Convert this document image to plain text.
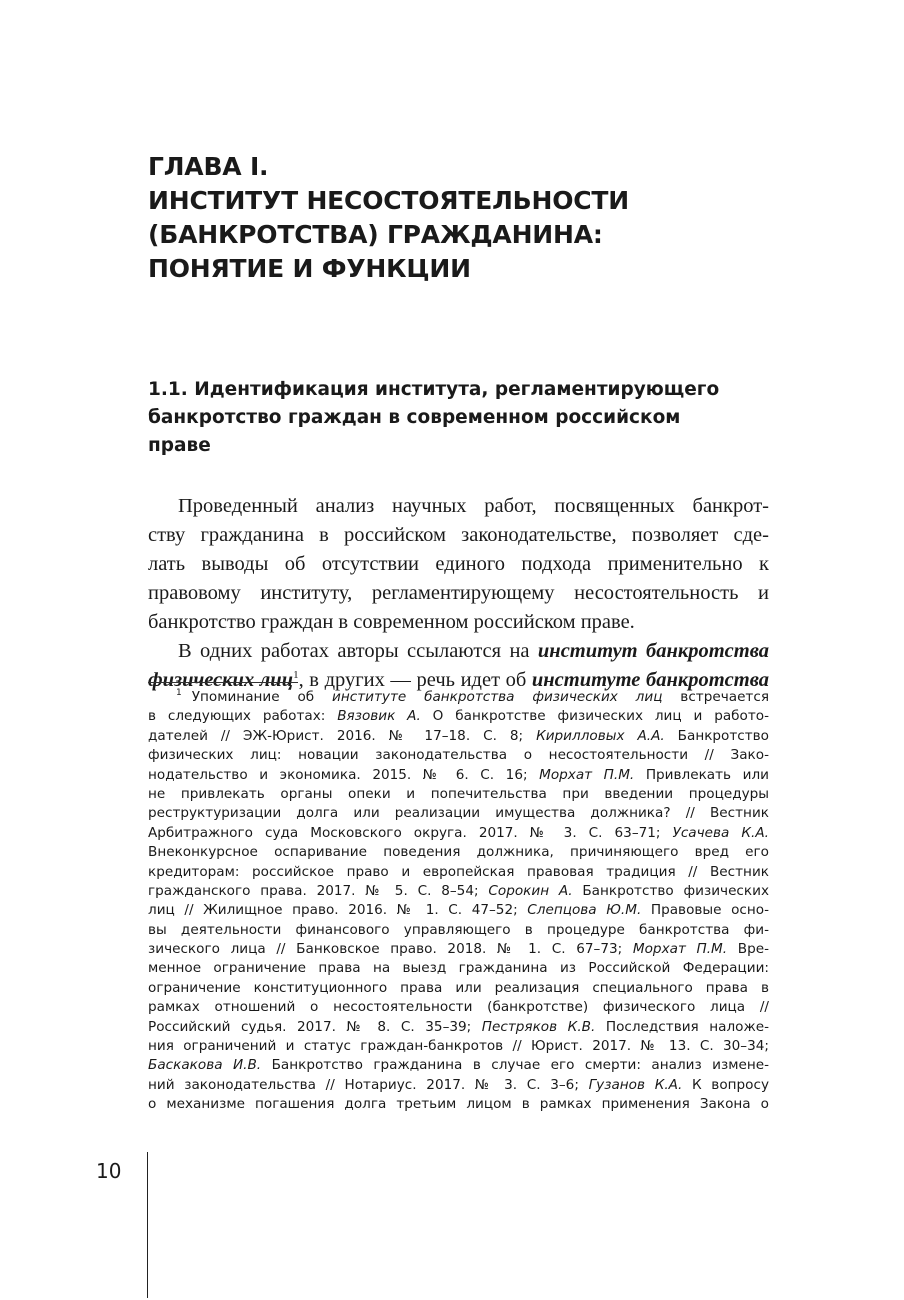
ГЛАВА I.
ИНСТИТУТ НЕСОСТОЯТЕЛЬНОСТИ
(БАНКРОТСТВА) ГРАЖДАНИНА:
ПОНЯТИЕ И ФУНКЦИИ
1.1. Идентификация института, регламентирующего
банкротство граждан в современном российском
праве
Проведенный анализ научных работ, посвященных банкрот-
ству гражданина в российском законодательстве, позволяет сде-
лать выводы об отсутствии единого подхода применительно к
правовому институту, регламентирующему несостоятельность и
банкротство граждан в современном российском праве.
В одних работах авторы ссылаются на институт банкротства
физических лиц$^1$, в других — речь идет об институте банкротства
$^1$ Упоминание об институте банкротства физических лиц встречается
в следующих работах: Вязовик А. О банкротстве физических лиц и работо-
дателей // ЭЖ-Юрист. 2016. № 17–18. С. 8; Кирилловых А.А. Банкротство
физических лиц: новации законодательства о несостоятельности // Зако-
нодательство и экономика. 2015. № 6. С. 16; Морхат П.М. Привлекать или
не привлекать органы опеки и попечительства при введении процедуры
реструктуризации долга или реализации имущества должника? // Вестник
Арбитражного суда Московского округа. 2017. № 3. С. 63–71; Усачева К.А.
Внеконкурсное оспаривание поведения должника, причиняющего вред его
кредиторам: российское право и европейская правовая традиция // Вестник
гражданского права. 2017. № 5. С. 8–54; Сорокин А. Банкротство физических
лиц // Жилищное право. 2016. № 1. С. 47–52; Слепцова Ю.М. Правовые осно-
вы деятельности финансового управляющего в процедуре банкротства фи-
зического лица // Банковское право. 2018. № 1. С. 67–73; Морхат П.М. Вре-
менное ограничение права на выезд гражданина из Российской Федерации:
ограничение конституционного права или реализация специального права в
рамках отношений о несостоятельности (банкротстве) физического лица //
Российский судья. 2017. № 8. С. 35–39; Пестряков К.В. Последствия наложе-
ния ограничений и статус граждан-банкротов // Юрист. 2017. № 13. С. 30–34;
Баскакова И.В. Банкротство гражданина в случае его смерти: анализ измене-
ний законодательства // Нотариус. 2017. № 3. С. 3–6; Гузанов К.А. К вопросу
о механизме погашения долга третьим лицом в рамках применения Закона о
10
